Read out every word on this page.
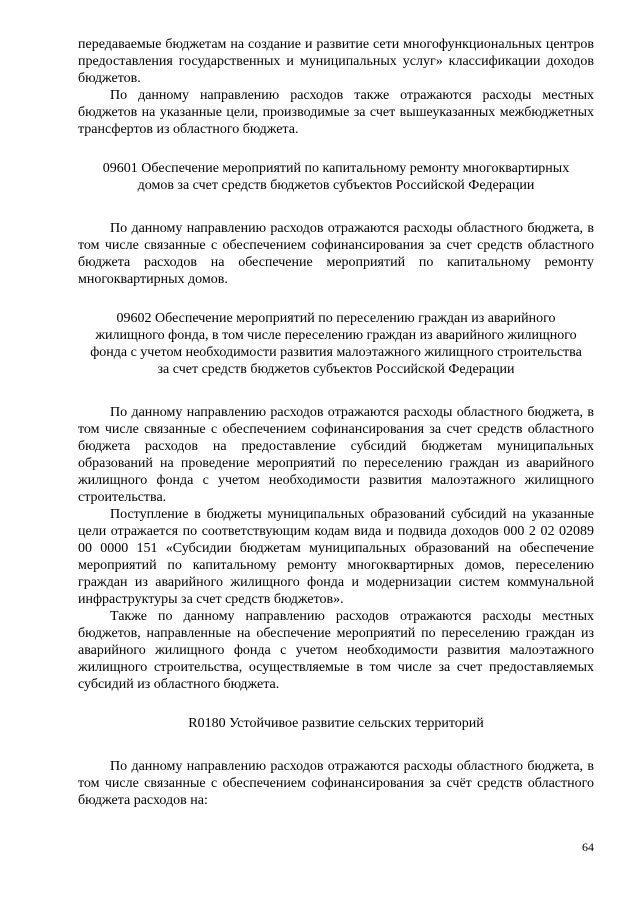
передаваемые бюджетам на создание и развитие сети многофункциональных центров предоставления государственных и муниципальных услуг» классификации доходов бюджетов.

По данному направлению расходов также отражаются расходы местных бюджетов на указанные цели, производимые за счет вышеуказанных межбюджетных трансфертов из областного бюджета.

09601 Обеспечение мероприятий по капитальному ремонту многоквартирных домов за счет средств бюджетов субъектов Российской Федерации

По данному направлению расходов отражаются расходы областного бюджета, в том числе связанные с обеспечением софинансирования за счет средств областного бюджета расходов на обеспечение мероприятий по капитальному ремонту многоквартирных домов.

09602 Обеспечение мероприятий по переселению граждан из аварийного жилищного фонда, в том числе переселению граждан из аварийного жилищного фонда с учетом необходимости развития малоэтажного жилищного строительства за счет средств бюджетов субъектов Российской Федерации

По данному направлению расходов отражаются расходы областного бюджета, в том числе связанные с обеспечением софинансирования за счет средств областного бюджета расходов на предоставление субсидий бюджетам муниципальных образований на проведение мероприятий по переселению граждан из аварийного жилищного фонда с учетом необходимости развития малоэтажного жилищного строительства.

Поступление в бюджеты муниципальных образований субсидий на указанные цели отражается по соответствующим кодам вида и подвида доходов 000 2 02 02089 00 0000 151 «Субсидии бюджетам муниципальных образований на обеспечение мероприятий по капитальному ремонту многоквартирных домов, переселению граждан из аварийного жилищного фонда и модернизации систем коммунальной инфраструктуры за счет средств бюджетов».

Также по данному направлению расходов отражаются расходы местных бюджетов, направленные на обеспечение мероприятий по переселению граждан из аварийного жилищного фонда с учетом необходимости развития малоэтажного жилищного строительства, осуществляемые в том числе за счет предоставляемых субсидий из областного бюджета.

R0180 Устойчивое развитие сельских территорий

По данному направлению расходов отражаются расходы областного бюджета, в том числе связанные с обеспечением софинансирования за счёт средств областного бюджета расходов на:

64
